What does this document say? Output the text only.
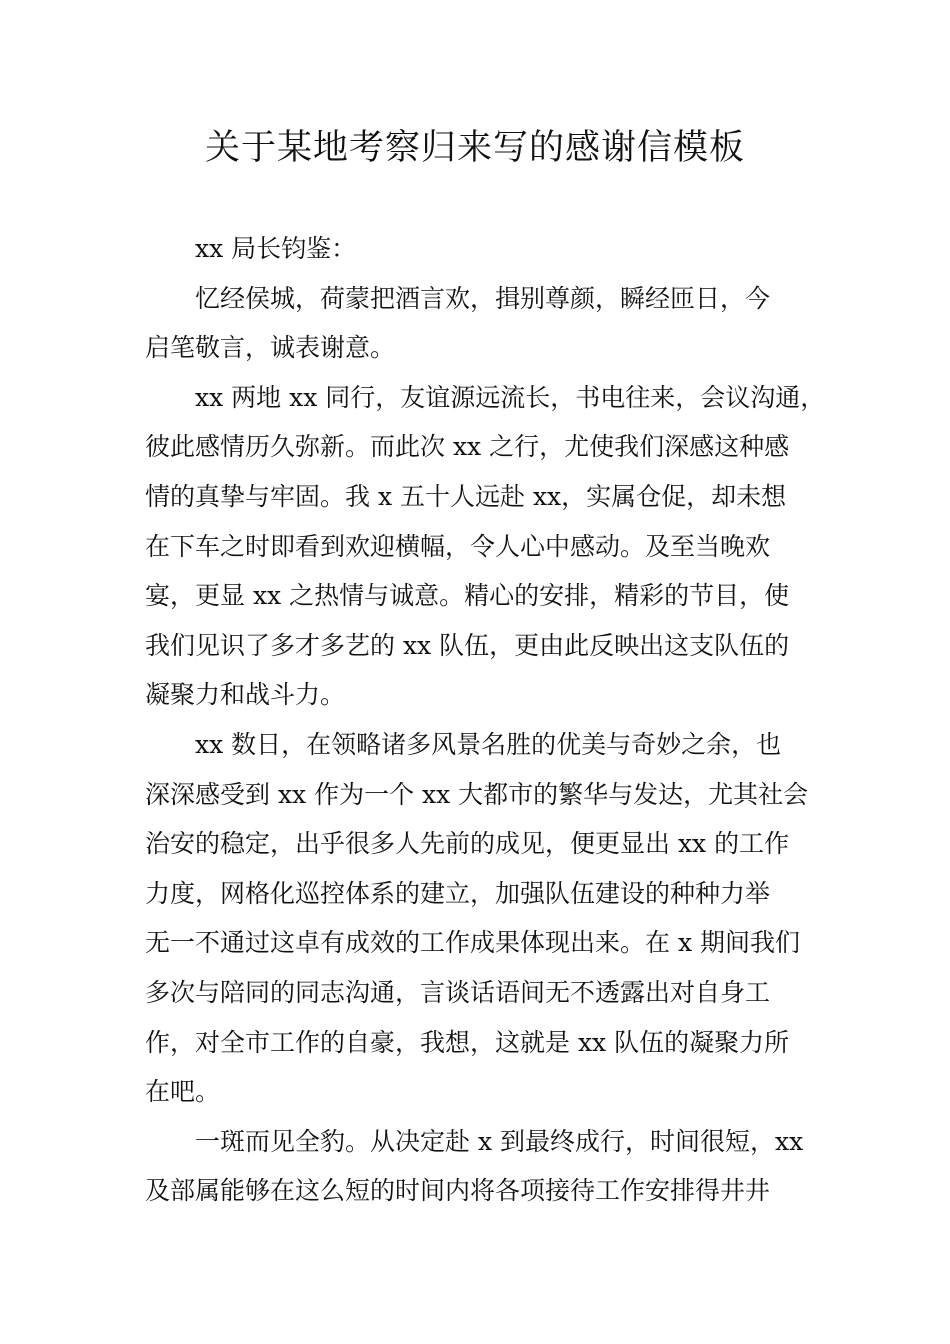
关于某地考察归来写的感谢信模板
xx 局长钧鉴：
忆经侯城，荷蒙把酒言欢，揖别尊颜，瞬经匝日，今
启笔敬言，诚表谢意。
xx 两地 xx 同行，友谊源远流长，书电往来，会议沟通，
彼此感情历久弥新。而此次 xx 之行，尤使我们深感这种感
情的真挚与牢固。我 x 五十人远赴 xx，实属仓促，却未想
在下车之时即看到欢迎横幅，令人心中感动。及至当晚欢
宴，更显 xx 之热情与诚意。精心的安排，精彩的节目，使
我们见识了多才多艺的 xx 队伍，更由此反映出这支队伍的
凝聚力和战斗力。
xx 数日，在领略诸多风景名胜的优美与奇妙之余，也
深深感受到 xx 作为一个 xx 大都市的繁华与发达，尤其社会
治安的稳定，出乎很多人先前的成见，便更显出 xx 的工作
力度，网格化巡控体系的建立，加强队伍建设的种种力举
无一不通过这卓有成效的工作成果体现出来。在 x 期间我们
多次与陪同的同志沟通，言谈话语间无不透露出对自身工
作，对全市工作的自豪，我想，这就是 xx 队伍的凝聚力所
在吧。
一斑而见全豹。从决定赴 x 到最终成行，时间很短，xx
及部属能够在这么短的时间内将各项接待工作安排得井井
